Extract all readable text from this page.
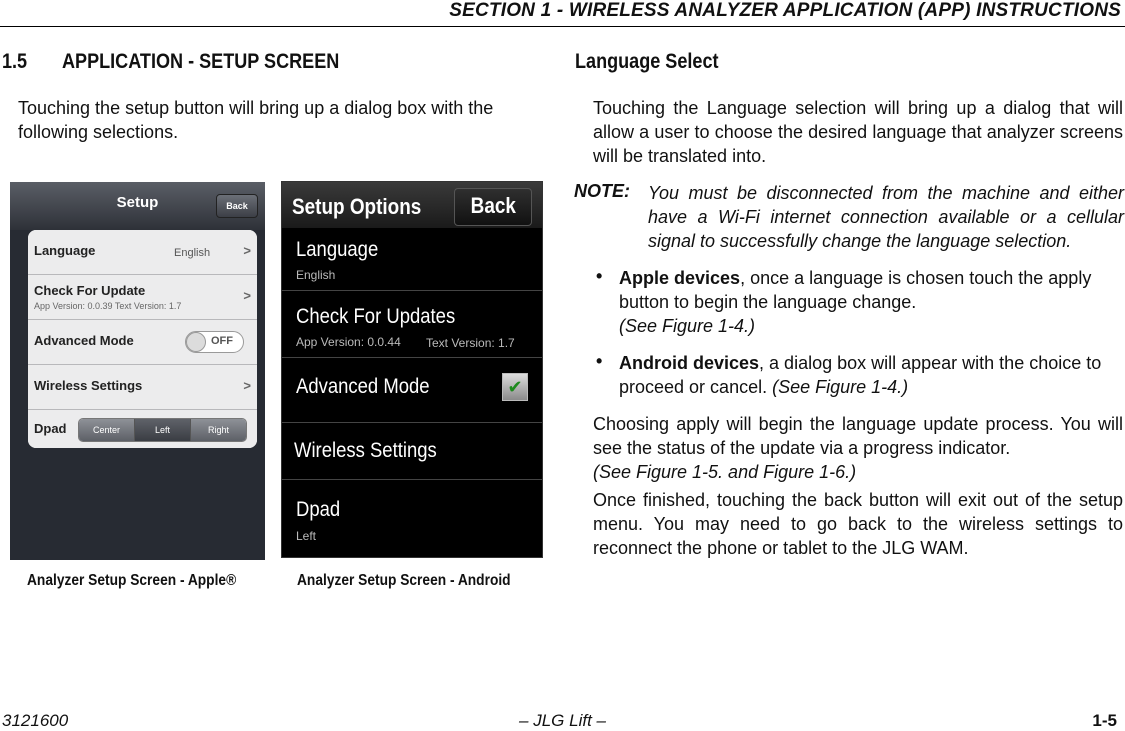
SECTION 1 - WIRELESS ANALYZER APPLICATION (APP) INSTRUCTIONS
1.5 APPLICATION - SETUP SCREEN
Touching the setup button will bring up a dialog box with the following selections.
Setup	Back
Language	English	>
Check For Update
App Version: 0.0.39 Text Version: 1.7
>
Advanced Mode	OFF
Wireless Settings	>
Dpad	Center	Left	Right
Setup Options	Back
Language
English
Check For Updates
App Version: 0.0.44 Text Version: 1.7
Advanced Mode	✔
Wireless Settings
Dpad
Left
Analyzer Setup Screen - Apple®	Analyzer Setup Screen - Android
Language Select
Touching the Language selection will bring up a dialog that will allow a user to choose the desired language that analyzer screens will be translated into.
NOTE: You must be disconnected from the machine and either have a Wi-Fi internet connection available or a cellular signal to successfully change the language selection.
• Apple devices, once a language is chosen touch the apply button to begin the language change.
(See Figure 1-4.)
• Android devices, a dialog box will appear with the choice to proceed or cancel. (See Figure 1-4.)
Choosing apply will begin the language update process. You will see the status of the update via a progress indicator.
(See Figure 1-5. and Figure 1-6.)
Once finished, touching the back button will exit out of the setup menu. You may need to go back to the wireless settings to reconnect the phone or tablet to the JLG WAM.
3121600	– JLG Lift –	1-5
